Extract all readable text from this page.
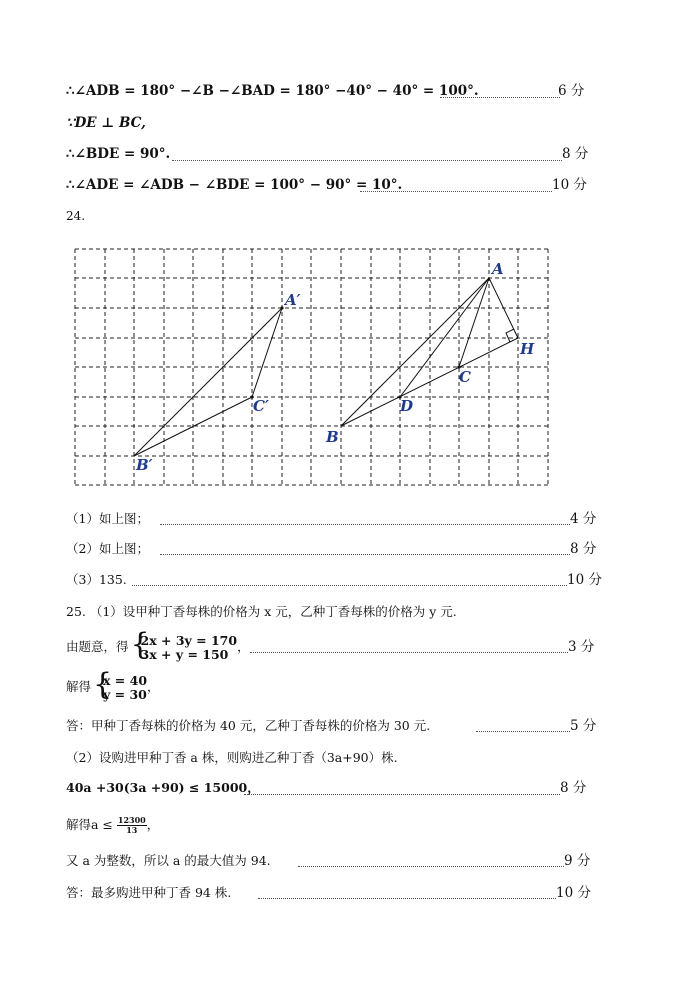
∴∠ADB = 180° −∠B −∠BAD = 180° −40° − 40° = 100°.	6 分
∵DE ⊥ BC,
∴∠BDE = 90°.	8 分
∴∠ADE = ∠ADB − ∠BDE = 100° − 90° = 10°.	10 分
24.
A′
B′
C′
A
B
C
D
H
（1）如上图；	4 分
（2）如上图；	8 分
（3）135.	10 分
25. （1）设甲种丁香每株的价格为 x 元，乙种丁香每株的价格为 y 元.
由题意，得 { 2x + 3y = 170
3x + y = 150 ，	3 分
解得 { x = 40
y = 30 ，
答：甲种丁香每株的价格为 40 元，乙种丁香每株的价格为 30 元.	5 分
（2）设购进甲种丁香 a 株，则购进乙种丁香（3a+90）株.
40a +30(3a +90) ≤ 15000，	8 分
解得$a \le \frac{12300}{13}$ ，
又 a 为整数，所以 a 的最大值为 94.	9 分
答：最多购进甲种丁香 94 株.	10 分
